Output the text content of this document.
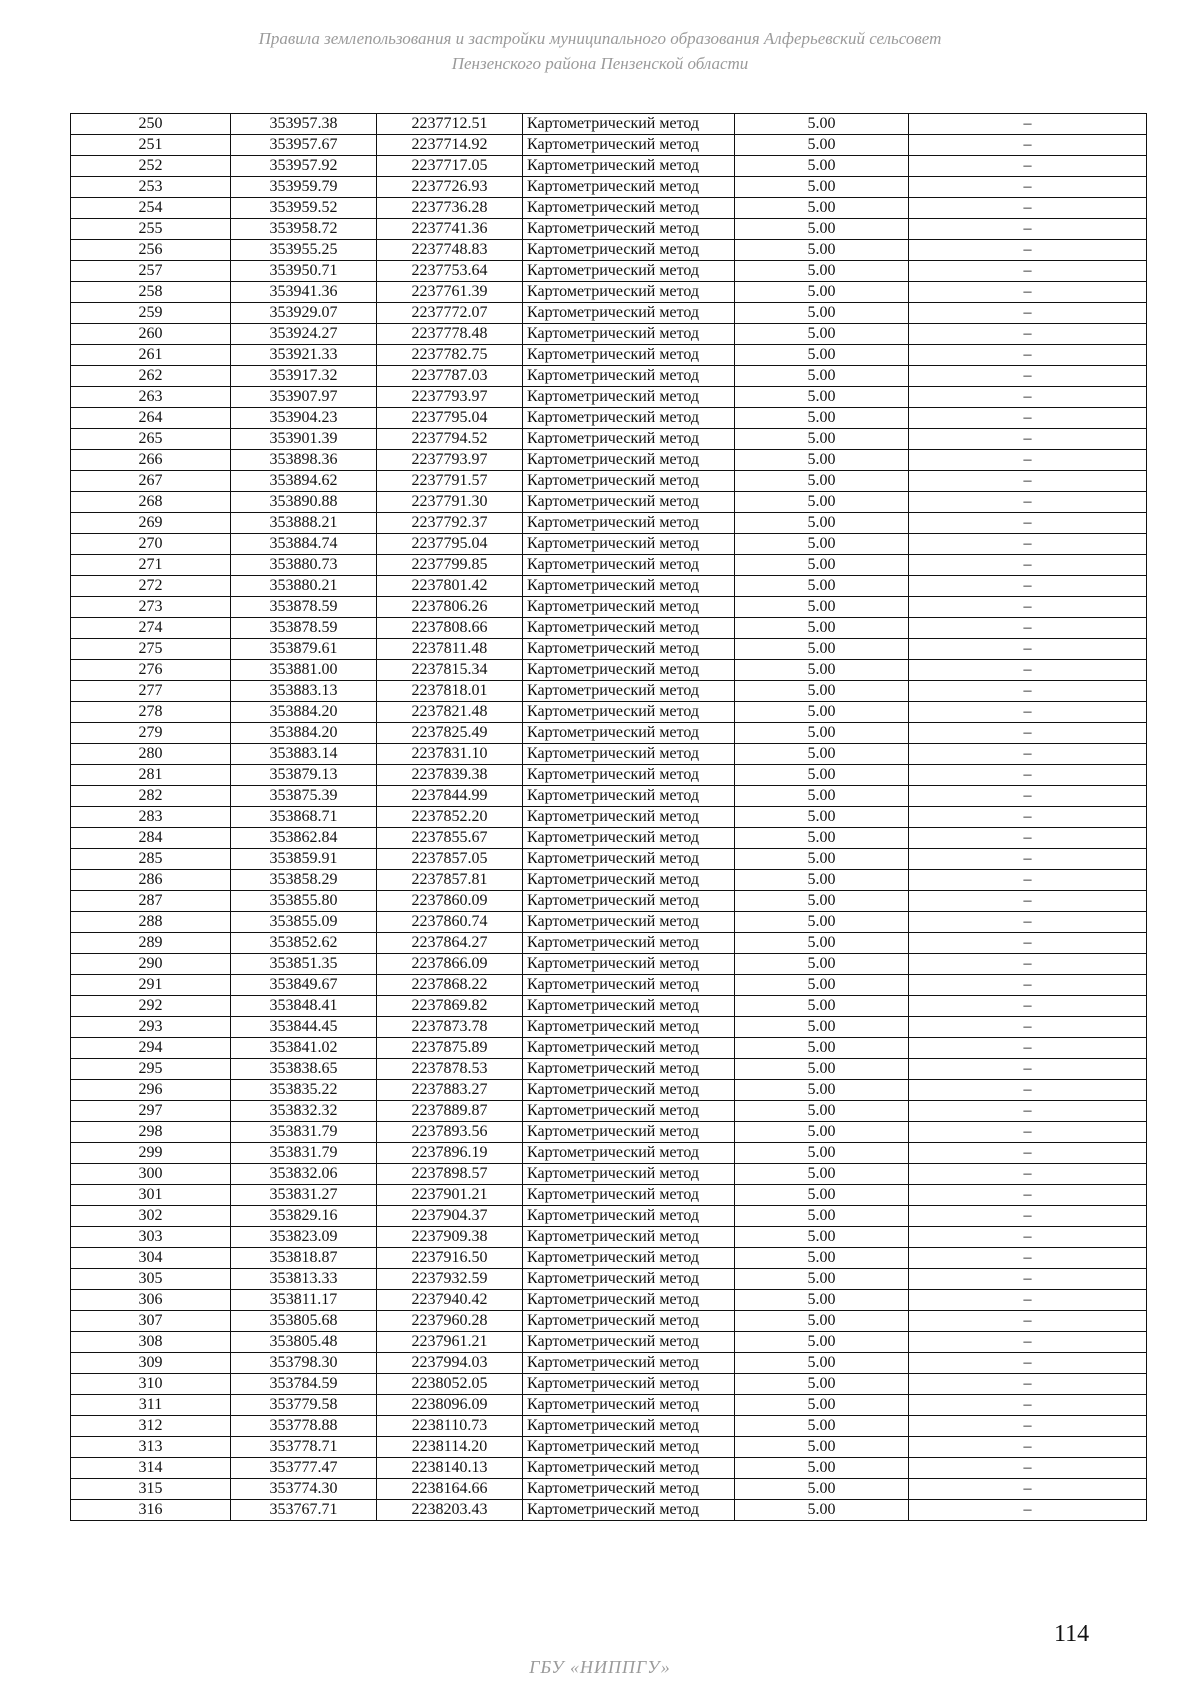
Правила землепользования и застройки муниципального образования Алферьевский сельсовет
Пензенского района Пензенской области
250	353957.38	2237712.51	Картометрический метод	5.00	–
251	353957.67	2237714.92	Картометрический метод	5.00	–
252	353957.92	2237717.05	Картометрический метод	5.00	–
253	353959.79	2237726.93	Картометрический метод	5.00	–
254	353959.52	2237736.28	Картометрический метод	5.00	–
255	353958.72	2237741.36	Картометрический метод	5.00	–
256	353955.25	2237748.83	Картометрический метод	5.00	–
257	353950.71	2237753.64	Картометрический метод	5.00	–
258	353941.36	2237761.39	Картометрический метод	5.00	–
259	353929.07	2237772.07	Картометрический метод	5.00	–
260	353924.27	2237778.48	Картометрический метод	5.00	–
261	353921.33	2237782.75	Картометрический метод	5.00	–
262	353917.32	2237787.03	Картометрический метод	5.00	–
263	353907.97	2237793.97	Картометрический метод	5.00	–
264	353904.23	2237795.04	Картометрический метод	5.00	–
265	353901.39	2237794.52	Картометрический метод	5.00	–
266	353898.36	2237793.97	Картометрический метод	5.00	–
267	353894.62	2237791.57	Картометрический метод	5.00	–
268	353890.88	2237791.30	Картометрический метод	5.00	–
269	353888.21	2237792.37	Картометрический метод	5.00	–
270	353884.74	2237795.04	Картометрический метод	5.00	–
271	353880.73	2237799.85	Картометрический метод	5.00	–
272	353880.21	2237801.42	Картометрический метод	5.00	–
273	353878.59	2237806.26	Картометрический метод	5.00	–
274	353878.59	2237808.66	Картометрический метод	5.00	–
275	353879.61	2237811.48	Картометрический метод	5.00	–
276	353881.00	2237815.34	Картометрический метод	5.00	–
277	353883.13	2237818.01	Картометрический метод	5.00	–
278	353884.20	2237821.48	Картометрический метод	5.00	–
279	353884.20	2237825.49	Картометрический метод	5.00	–
280	353883.14	2237831.10	Картометрический метод	5.00	–
281	353879.13	2237839.38	Картометрический метод	5.00	–
282	353875.39	2237844.99	Картометрический метод	5.00	–
283	353868.71	2237852.20	Картометрический метод	5.00	–
284	353862.84	2237855.67	Картометрический метод	5.00	–
285	353859.91	2237857.05	Картометрический метод	5.00	–
286	353858.29	2237857.81	Картометрический метод	5.00	–
287	353855.80	2237860.09	Картометрический метод	5.00	–
288	353855.09	2237860.74	Картометрический метод	5.00	–
289	353852.62	2237864.27	Картометрический метод	5.00	–
290	353851.35	2237866.09	Картометрический метод	5.00	–
291	353849.67	2237868.22	Картометрический метод	5.00	–
292	353848.41	2237869.82	Картометрический метод	5.00	–
293	353844.45	2237873.78	Картометрический метод	5.00	–
294	353841.02	2237875.89	Картометрический метод	5.00	–
295	353838.65	2237878.53	Картометрический метод	5.00	–
296	353835.22	2237883.27	Картометрический метод	5.00	–
297	353832.32	2237889.87	Картометрический метод	5.00	–
298	353831.79	2237893.56	Картометрический метод	5.00	–
299	353831.79	2237896.19	Картометрический метод	5.00	–
300	353832.06	2237898.57	Картометрический метод	5.00	–
301	353831.27	2237901.21	Картометрический метод	5.00	–
302	353829.16	2237904.37	Картометрический метод	5.00	–
303	353823.09	2237909.38	Картометрический метод	5.00	–
304	353818.87	2237916.50	Картометрический метод	5.00	–
305	353813.33	2237932.59	Картометрический метод	5.00	–
306	353811.17	2237940.42	Картометрический метод	5.00	–
307	353805.68	2237960.28	Картометрический метод	5.00	–
308	353805.48	2237961.21	Картометрический метод	5.00	–
309	353798.30	2237994.03	Картометрический метод	5.00	–
310	353784.59	2238052.05	Картометрический метод	5.00	–
311	353779.58	2238096.09	Картометрический метод	5.00	–
312	353778.88	2238110.73	Картометрический метод	5.00	–
313	353778.71	2238114.20	Картометрический метод	5.00	–
314	353777.47	2238140.13	Картометрический метод	5.00	–
315	353774.30	2238164.66	Картометрический метод	5.00	–
316	353767.71	2238203.43	Картометрический метод	5.00	–
114
ГБУ «НИППГУ»
